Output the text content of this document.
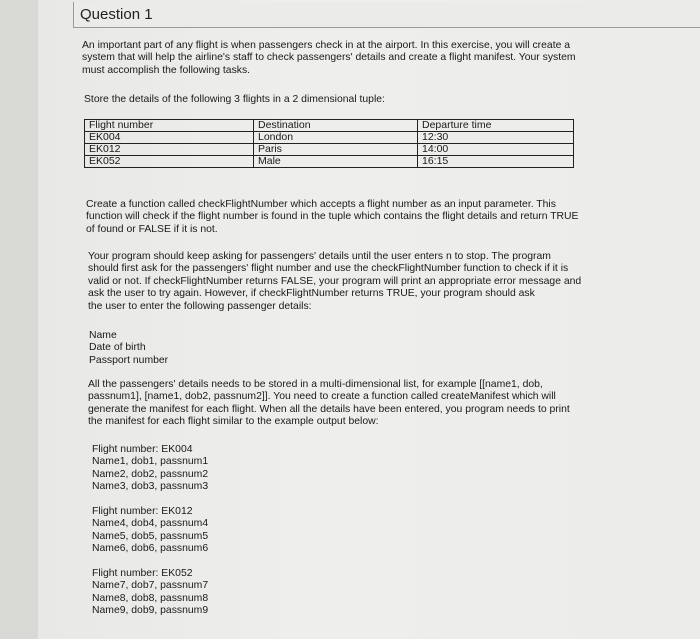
Question 1
An important part of any flight is when passengers check in at the airport. In this exercise, you will create a system that will help the airline's staff to check passengers' details and create a flight manifest. Your system must accomplish the following tasks.
Store the details of the following 3 flights in a 2 dimensional tuple:
Flight number	Destination	Departure time
EK004	London	12:30
EK012	Paris	14:00
EK052	Male	16:15
Create a function called checkFlightNumber which accepts a flight number as an input parameter. This function will check if the flight number is found in the tuple which contains the flight details and return TRUE of found or FALSE if it is not.
Your program should keep asking for passengers' details until the user enters n to stop. The program should first ask for the passengers' flight number and use the checkFlightNumber function to check if it is valid or not. If checkFlightNumber returns FALSE, your program will print an appropriate error message and ask the user to try again. However, if checkFlightNumber returns TRUE, your program should ask
the user to enter the following passenger details:
Name
Date of birth
Passport number
All the passengers' details needs to be stored in a multi-dimensional list, for example [[name1, dob, passnum1], [name1, dob2, passnum2]]. You need to create a function called createManifest which will generate the manifest for each flight. When all the details have been entered, you program needs to print the manifest for each flight similar to the example output below:
Flight number: EK004
Name1, dob1, passnum1
Name2, dob2, passnum2
Name3, dob3, passnum3
Flight number: EK012
Name4, dob4, passnum4
Name5, dob5, passnum5
Name6, dob6, passnum6
Flight number: EK052
Name7, dob7, passnum7
Name8, dob8, passnum8
Name9, dob9, passnum9
